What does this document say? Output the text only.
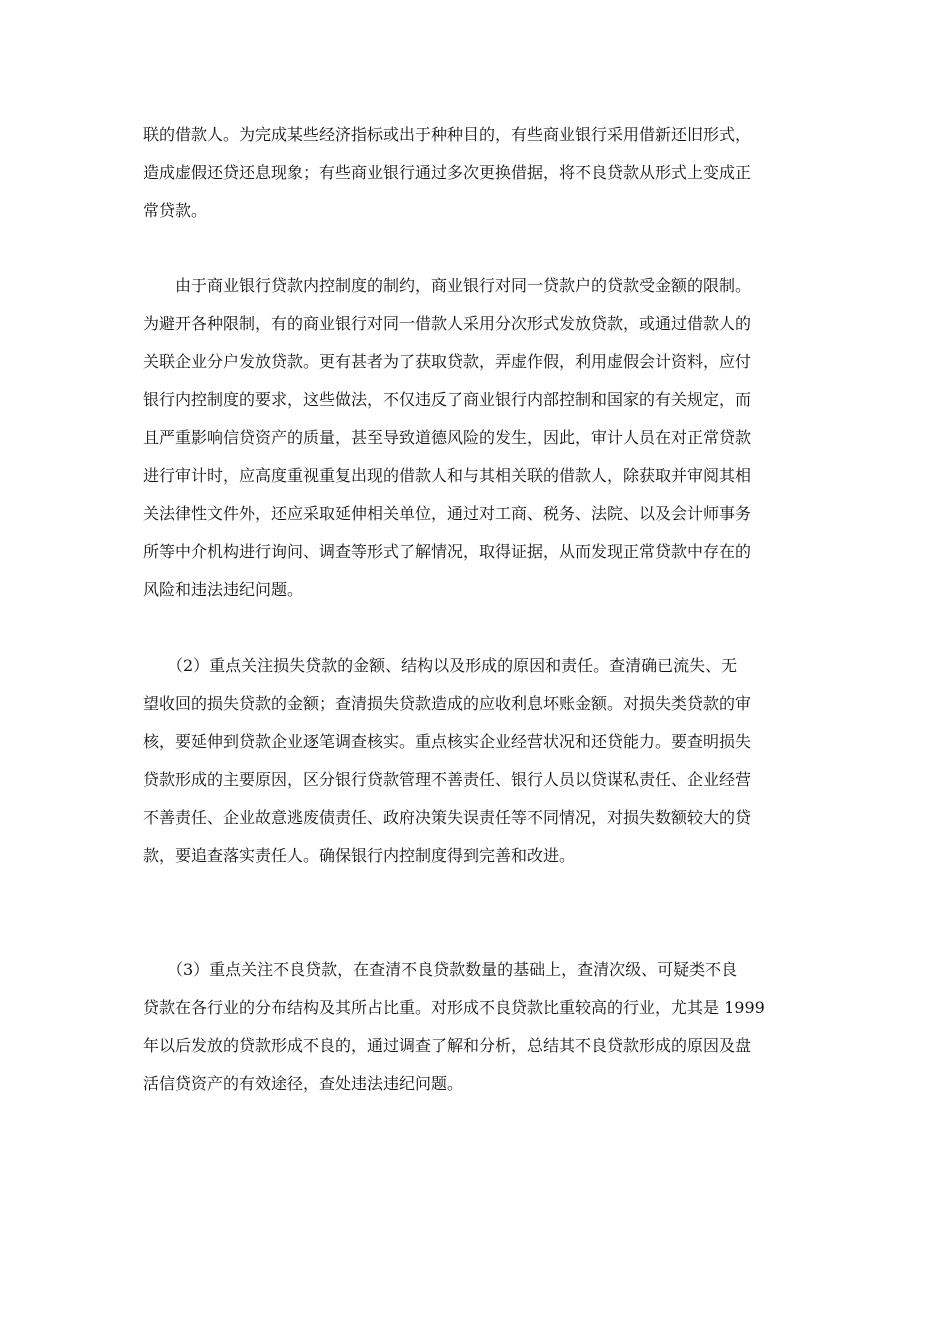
联的借款人。为完成某些经济指标或出于种种目的，有些商业银行采用借新还旧形式，
造成虚假还贷还息现象；有些商业银行通过多次更换借据，将不良贷款从形式上变成正
常贷款。
　　由于商业银行贷款内控制度的制约，商业银行对同一贷款户的贷款受金额的限制。
为避开各种限制，有的商业银行对同一借款人采用分次形式发放贷款，或通过借款人的
关联企业分户发放贷款。更有甚者为了获取贷款，弄虚作假，利用虚假会计资料，应付
银行内控制度的要求，这些做法，不仅违反了商业银行内部控制和国家的有关规定，而
且严重影响信贷资产的质量，甚至导致道德风险的发生，因此，审计人员在对正常贷款
进行审计时，应高度重视重复出现的借款人和与其相关联的借款人，除获取并审阅其相
关法律性文件外，还应采取延伸相关单位，通过对工商、税务、法院、以及会计师事务
所等中介机构进行询问、调查等形式了解情况，取得证据，从而发现正常贷款中存在的
风险和违法违纪问题。
　　（2）重点关注损失贷款的金额、结构以及形成的原因和责任。查清确已流失、无
望收回的损失贷款的金额；查清损失贷款造成的应收利息坏账金额。对损失类贷款的审
核，要延伸到贷款企业逐笔调查核实。重点核实企业经营状况和还贷能力。要查明损失
贷款形成的主要原因，区分银行贷款管理不善责任、银行人员以贷谋私责任、企业经营
不善责任、企业故意逃废债责任、政府决策失误责任等不同情况，对损失数额较大的贷
款，要追查落实责任人。确保银行内控制度得到完善和改进。
　　（3）重点关注不良贷款，在查清不良贷款数量的基础上，查清次级、可疑类不良
贷款在各行业的分布结构及其所占比重。对形成不良贷款比重较高的行业，尤其是 1999
年以后发放的贷款形成不良的，通过调查了解和分析，总结其不良贷款形成的原因及盘
活信贷资产的有效途径，查处违法违纪问题。
